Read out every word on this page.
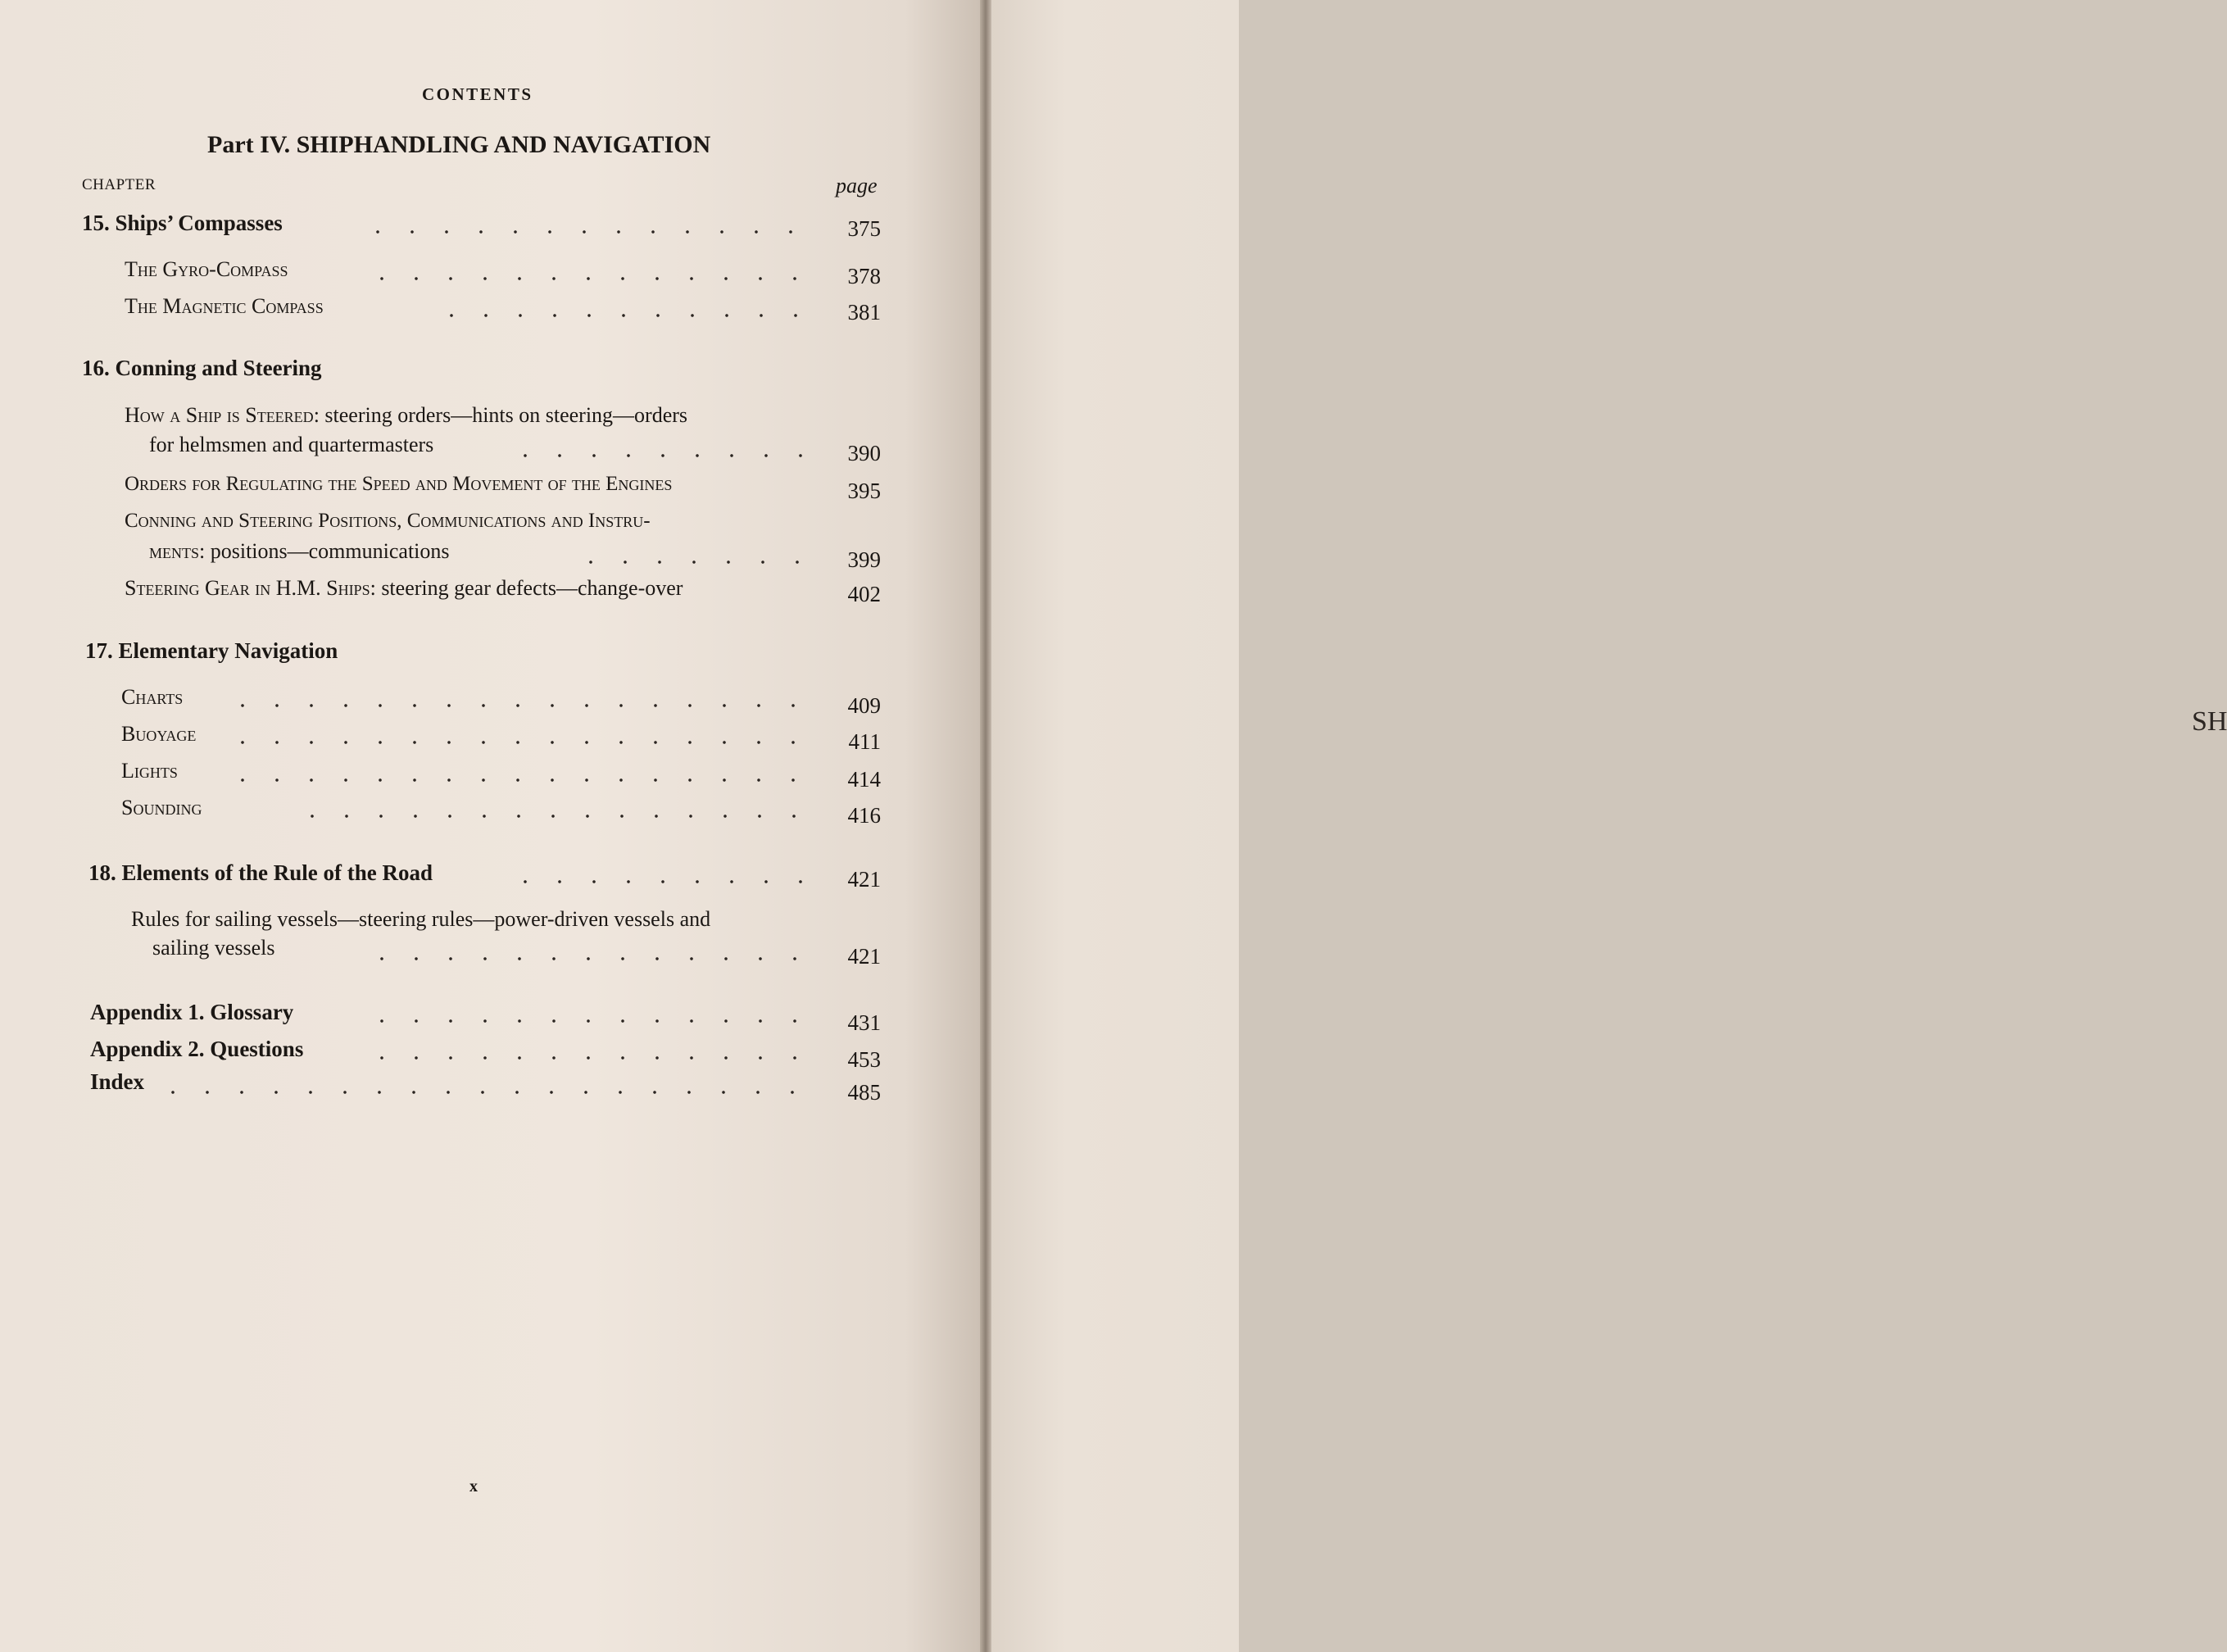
SH
CONTENTS
Part IV. SHIPHANDLING AND NAVIGATION
CHAPTER	page
15. Ships’ Compasses	375
The Gyro-Compass	378
The Magnetic Compass	381
16. Conning and Steering
How a Ship is Steered: steering orders—hints on steering—orders
for helmsmen and quartermasters	390
Orders for Regulating the Speed and Movement of the Engines	395
Conning and Steering Positions, Communications and Instru-
ments: positions—communications	399
Steering Gear in H.M. Ships: steering gear defects—change-over	402
17. Elementary Navigation
Charts	409
Buoyage	411
Lights	414
Sounding	416
18. Elements of the Rule of the Road	421
Rules for sailing vessels—steering rules—power-driven vessels and
sailing vessels	421
Appendix 1. Glossary	431
Appendix 2. Questions	453
Index	485
x
